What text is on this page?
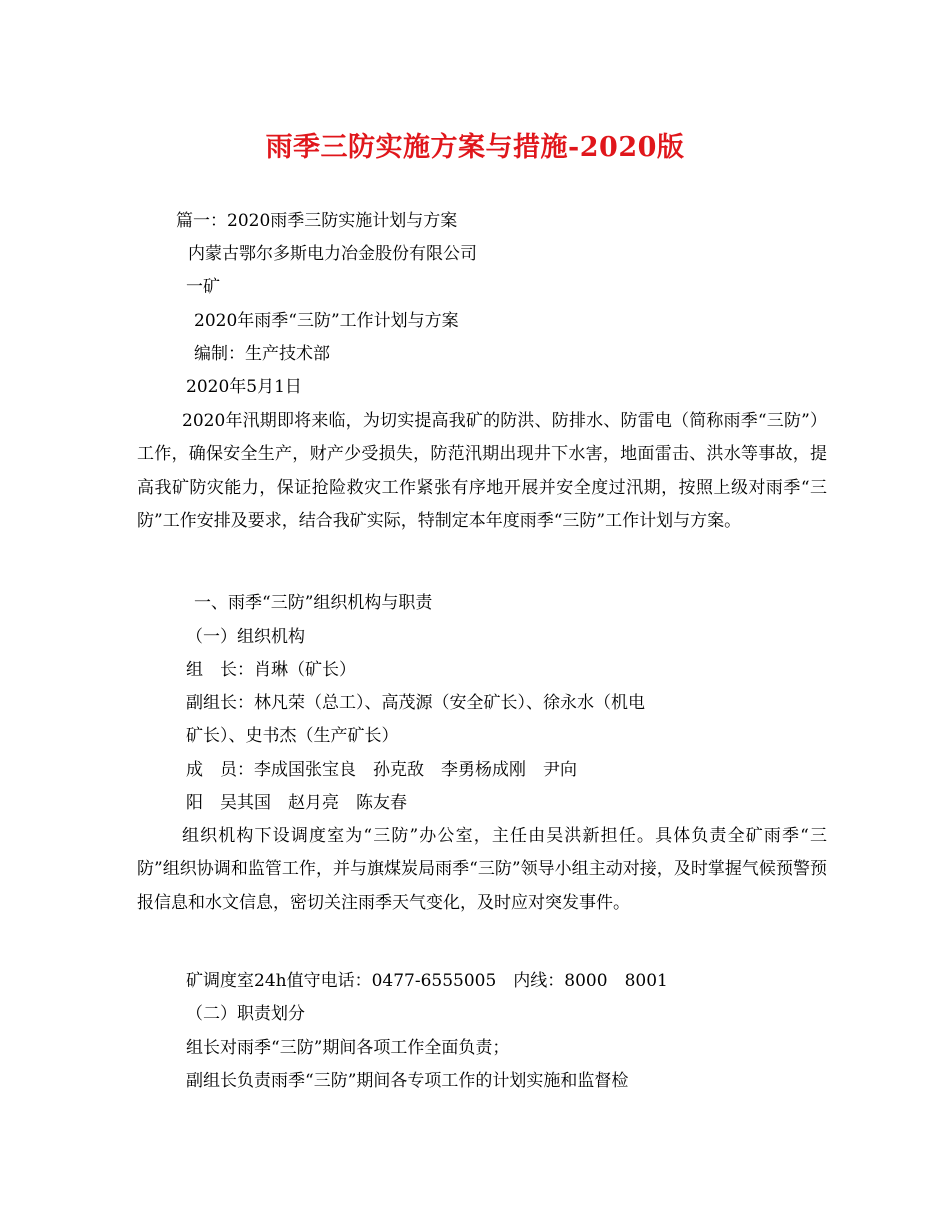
雨季三防实施方案与措施-2020版
篇一：2020雨季三防实施计划与方案
内蒙古鄂尔多斯电力冶金股份有限公司
一矿
2020年雨季“三防”工作计划与方案
编制：生产技术部
2020年5月1日
2020年汛期即将来临，为切实提高我矿的防洪、防排水、防雷电（简称雨季“三防”）工作，确保安全生产，财产少受损失，防范汛期出现井下水害，地面雷击、洪水等事故，提高我矿防灾能力，保证抢险救灾工作紧张有序地开展并安全度过汛期，按照上级对雨季“三防”工作安排及要求，结合我矿实际，特制定本年度雨季“三防”工作计划与方案。
一、雨季“三防”组织机构与职责
（一）组织机构
组　长：肖琳（矿长）
副组长：林凡荣（总工）、高茂源（安全矿长）、徐永水（机电
矿长）、史书杰（生产矿长）
成　员：李成国张宝良　孙克敌　李勇杨成刚　尹向
阳　吴其国　赵月亮　陈友春
组织机构下设调度室为“三防”办公室，主任由吴洪新担任。具体负责全矿雨季“三防”组织协调和监管工作，并与旗煤炭局雨季“三防”领导小组主动对接，及时掌握气候预警预报信息和水文信息，密切关注雨季天气变化，及时应对突发事件。
矿调度室24h值守电话：0477-6555005　内线：8000　8001
（二）职责划分
组长对雨季“三防”期间各项工作全面负责；
副组长负责雨季“三防”期间各专项工作的计划实施和监督检
